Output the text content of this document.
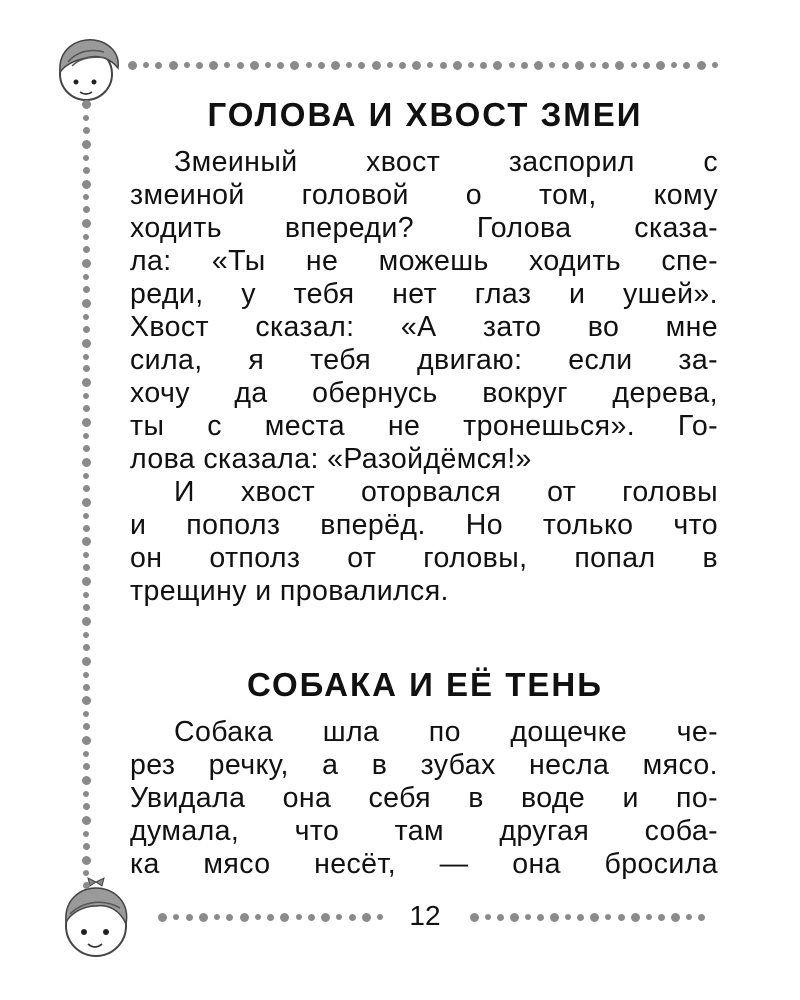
ГОЛОВА И ХВОСТ ЗМЕИ
Змеиный хвост заспорил с
змеиной головой о том, кому
ходить впереди? Голова сказа-
ла: «Ты не можешь ходить спе-
реди, у тебя нет глаз и ушей».
Хвост сказал: «А зато во мне
сила, я тебя двигаю: если за-
хочу да обернусь вокруг дерева,
ты с места не тронешься». Го-
лова сказала: «Разойдёмся!»
И хвост оторвался от головы
и пополз вперёд. Но только что
он отполз от головы, попал в
трещину и провалился.
СОБАКА И ЕЁ ТЕНЬ
Собака шла по дощечке че-
рез речку, а в зубах несла мясо.
Увидала она себя в воде и по-
думала, что там другая соба-
ка мясо несёт, — она бросила
12
